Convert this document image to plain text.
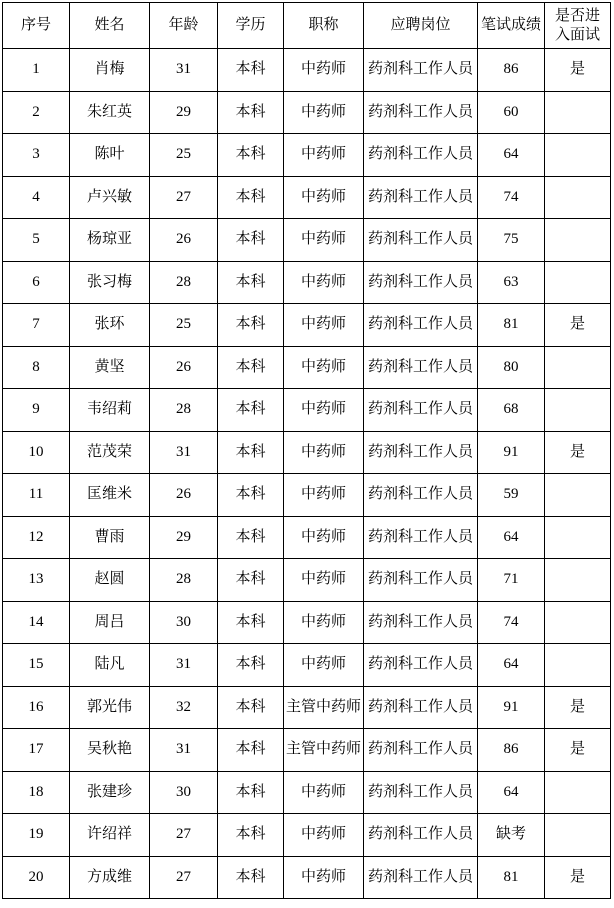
序号	姓名	年龄	学历	职称	应聘岗位	笔试成绩	是否进入面试
1	肖梅	31	本科	中药师	药剂科工作人员	86	是
2	朱红英	29	本科	中药师	药剂科工作人员	60	
3	陈叶	25	本科	中药师	药剂科工作人员	64	
4	卢兴敏	27	本科	中药师	药剂科工作人员	74	
5	杨琼亚	26	本科	中药师	药剂科工作人员	75	
6	张习梅	28	本科	中药师	药剂科工作人员	63	
7	张环	25	本科	中药师	药剂科工作人员	81	是
8	黄坚	26	本科	中药师	药剂科工作人员	80	
9	韦绍莉	28	本科	中药师	药剂科工作人员	68	
10	范茂荣	31	本科	中药师	药剂科工作人员	91	是
11	匡维米	26	本科	中药师	药剂科工作人员	59	
12	曹雨	29	本科	中药师	药剂科工作人员	64	
13	赵圆	28	本科	中药师	药剂科工作人员	71	
14	周吕	30	本科	中药师	药剂科工作人员	74	
15	陆凡	31	本科	中药师	药剂科工作人员	64	
16	郭光伟	32	本科	主管中药师	药剂科工作人员	91	是
17	吴秋艳	31	本科	主管中药师	药剂科工作人员	86	是
18	张建珍	30	本科	中药师	药剂科工作人员	64	
19	许绍祥	27	本科	中药师	药剂科工作人员	缺考	
20	方成维	27	本科	中药师	药剂科工作人员	81	是
